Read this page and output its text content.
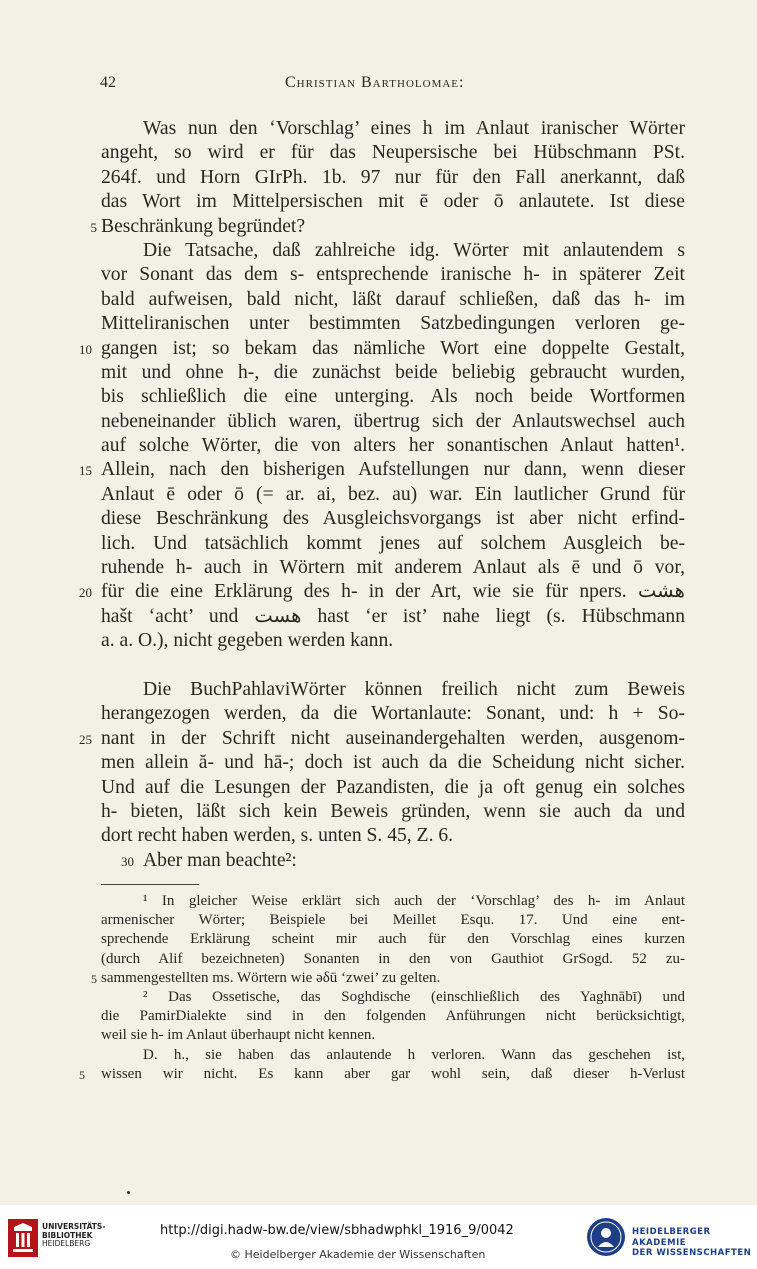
42	Christian Bartholomae:
Was nun den ‘Vorschlag’ eines h im Anlaut iranischer Wörter
angeht, so wird er für das Neupersische bei Hübschmann PSt.
264f. und Horn GIrPh. 1b. 97 nur für den Fall anerkannt, daß
das Wort im Mittelpersischen mit ē oder ō anlautete. Ist diese
5 Beschränkung begründet?
Die Tatsache, daß zahlreiche idg. Wörter mit anlautendem s
vor Sonant das dem s- entsprechende iranische h- in späterer Zeit
bald aufweisen, bald nicht, läßt darauf schließen, daß das h- im
Mitteliranischen unter bestimmten Satzbedingungen verloren ge-
10 gangen ist; so bekam das nämliche Wort eine doppelte Gestalt,
mit und ohne h-, die zunächst beide beliebig gebraucht wurden,
bis schließlich die eine unterging. Als noch beide Wortformen
nebeneinander üblich waren, übertrug sich der Anlautswechsel auch
auf solche Wörter, die von alters her sonantischen Anlaut hatten¹.
15 Allein, nach den bisherigen Aufstellungen nur dann, wenn dieser
Anlaut ē oder ō (= ar. ai, bez. au) war. Ein lautlicher Grund für
diese Beschränkung des Ausgleichsvorgangs ist aber nicht erfind-
lich. Und tatsächlich kommt jenes auf solchem Ausgleich be-
ruhende h- auch in Wörtern mit anderem Anlaut als ē und ō vor,
20 für die eine Erklärung des h- in der Art, wie sie für npers. هشت
hašt ‘acht’ und هست hast ‘er ist’ nahe liegt (s. Hübschmann
a. a. O.), nicht gegeben werden kann.
Die BuchPahlaviWörter können freilich nicht zum Beweis
herangezogen werden, da die Wortanlaute: Sonant, und: h + So-
25 nant in der Schrift nicht auseinandergehalten werden, ausgenom-
men allein ă- und hā-; doch ist auch da die Scheidung nicht sicher.
Und auf die Lesungen der Pazandisten, die ja oft genug ein solches
h- bieten, läßt sich kein Beweis gründen, wenn sie auch da und
dort recht haben werden, s. unten S. 45, Z. 6.
30 Aber man beachte²:
¹ In gleicher Weise erklärt sich auch der ‘Vorschlag’ des h- im Anlaut
armenischer Wörter; Beispiele bei Meillet Esqu. 17. Und eine ent-
sprechende Erklärung scheint mir auch für den Vorschlag eines kurzen
(durch Alif bezeichneten) Sonanten in den von Gauthiot GrSogd. 52 zu-
5 sammengestellten ms. Wörtern wie əδū ‘zwei’ zu gelten.
² Das Ossetische, das Soghdische (einschließlich des Yaghnābī) und
die PamirDialekte sind in den folgenden Anführungen nicht berücksichtigt,
weil sie h- im Anlaut überhaupt nicht kennen.
D. h., sie haben das anlautende h verloren. Wann das geschehen ist,
5	wissen wir nicht. Es kann aber gar wohl sein, daß dieser h-Verlust
UNIVERSITÄTS-
BIBLIOTHEK
HEIDELBERG
http://digi.hadw-bw.de/view/sbhadwphkl_1916_9/0042
© Heidelberger Akademie der Wissenschaften
HEIDELBERGER AKADEMIE
DER WISSENSCHAFTEN
